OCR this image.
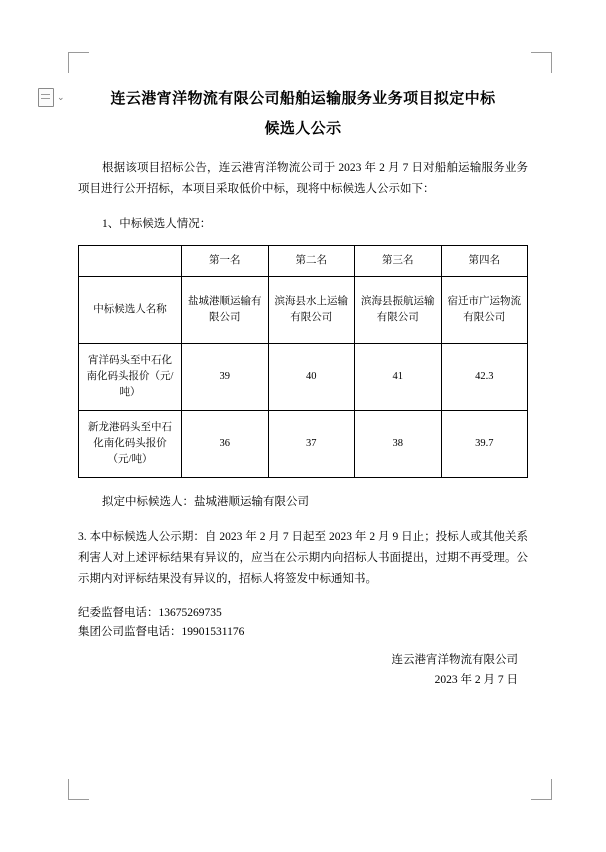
⌄	连云港宵洋物流有限公司船舶运输服务业务项目拟定中标
候选人公示

根据该项目招标公告，连云港宵洋物流公司于 2023 年 2 月 7 日对船舶运输服务业务项目进行公开招标，本项目采取低价中标，现将中标候选人公示如下：

1、中标候选人情况：

	第一名	第二名	第三名	第四名
中标候选人名称	盐城港顺运输有限公司	滨海县水上运输有限公司	滨海县振航运输有限公司	宿迁市广运物流有限公司
宵洋码头至中石化南化码头报价（元/吨）	39	40	41	42.3
新龙港码头至中石化南化码头报价（元/吨）	36	37	38	39.7

拟定中标候选人：盐城港顺运输有限公司

3. 本中标候选人公示期：自 2023 年 2 月 7 日起至 2023 年 2 月 9 日止；投标人或其他关系利害人对上述评标结果有异议的，应当在公示期内向招标人书面提出，过期不再受理。公示期内对评标结果没有异议的，招标人将签发中标通知书。

纪委监督电话：13675269735
集团公司监督电话：19901531176
连云港宵洋物流有限公司
2023 年 2 月 7 日
